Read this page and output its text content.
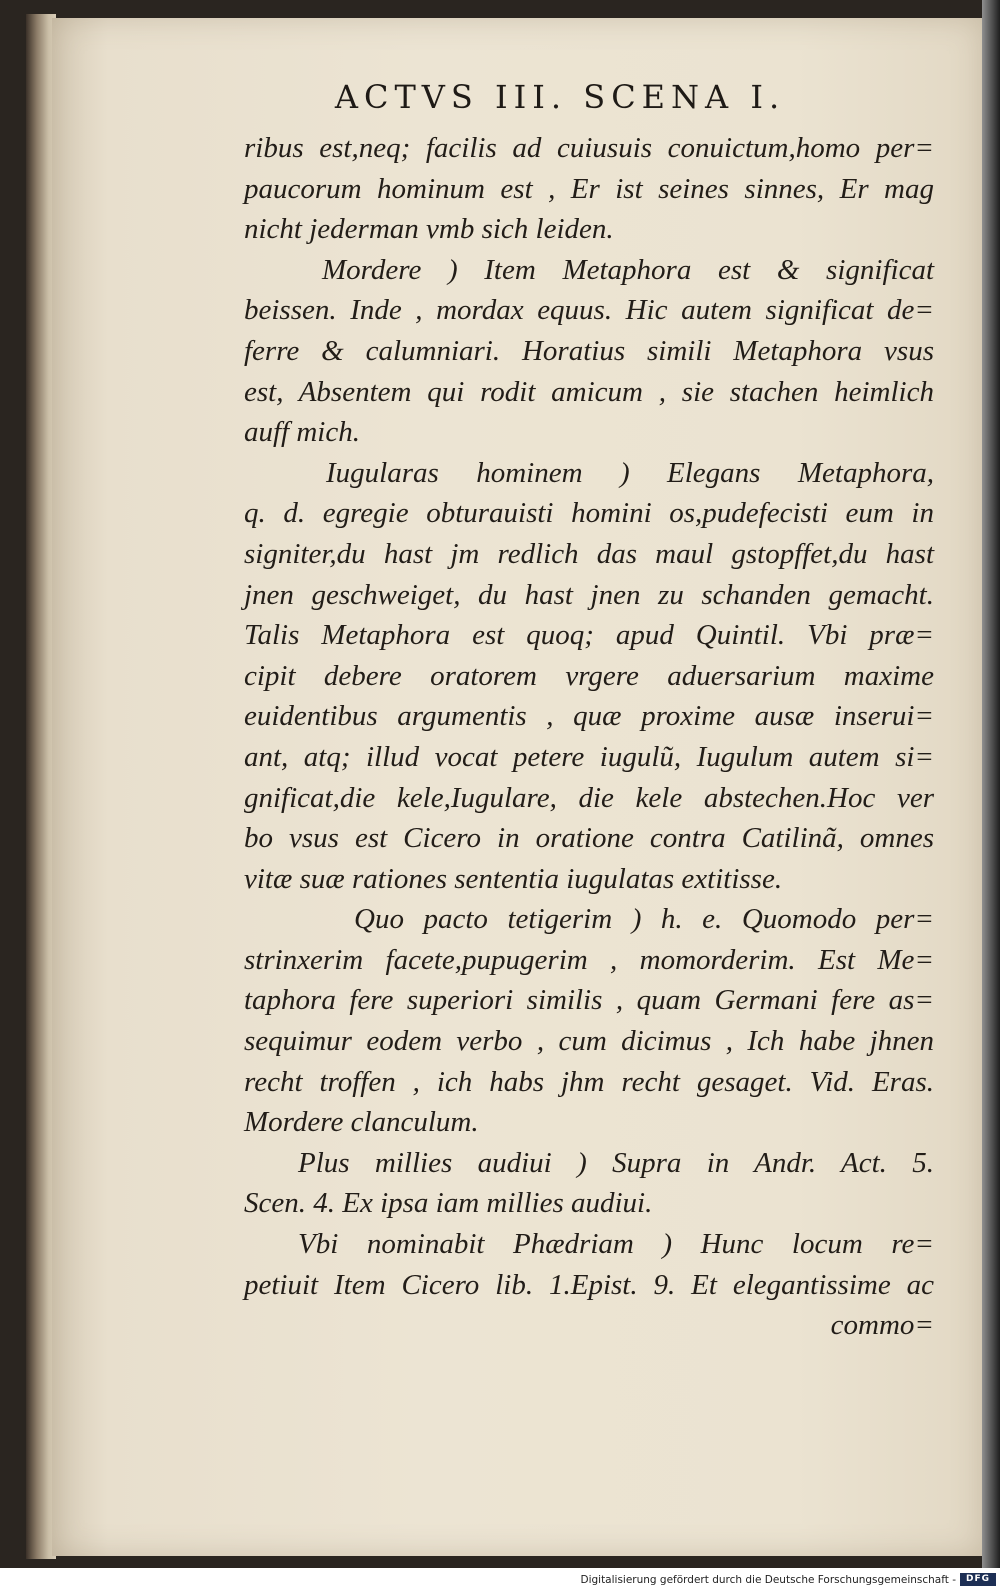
ACTVS III. SCENA I.
ribus est,neq; facilis ad cuiusuis conuictum,homo per=
paucorum hominum est , Er ist seines sinnes, Er mag
nicht jederman vmb sich leiden.
Mordere ) Item Metaphora est & significat
beissen. Inde , mordax equus. Hic autem significat de=
ferre & calumniari. Horatius simili Metaphora vsus
est, Absentem qui rodit amicum , sie stachen heimlich
auff mich.
Iugularas hominem ) Elegans Metaphora,
q. d. egregie obturauisti homini os,pudefecisti eum in
signiter,du hast jm redlich das maul gstopffet,du hast
jnen geschweiget, du hast jnen zu schanden gemacht.
Talis Metaphora est quoq; apud Quintil. Vbi præ=
cipit debere oratorem vrgere aduersarium maxime
euidentibus argumentis , quæ proxime ausæ inserui=
ant, atq; illud vocat petere iugulũ, Iugulum autem si=
gnificat,die kele,Iugulare, die kele abstechen.Hoc ver
bo vsus est Cicero in oratione contra Catilinã, omnes
vitæ suæ rationes sententia iugulatas extitisse.
Quo pacto tetigerim ) h. e. Quomodo per=
strinxerim facete,pupugerim , momorderim. Est Me=
taphora fere superiori similis , quam Germani fere as=
sequimur eodem verbo , cum dicimus , Ich habe jhnen
recht troffen , ich habs jhm recht gesaget. Vid. Eras.
Mordere clanculum.
Plus millies audiui ) Supra in Andr. Act. 5.
Scen. 4. Ex ipsa iam millies audiui.
Vbi nominabit Phædriam ) Hunc locum re=
petiuit Item Cicero lib. 1.Epist. 9. Et elegantissime ac
commo=
Digitalisierung gefördert durch die Deutsche Forschungsgemeinschaft -	DFG
